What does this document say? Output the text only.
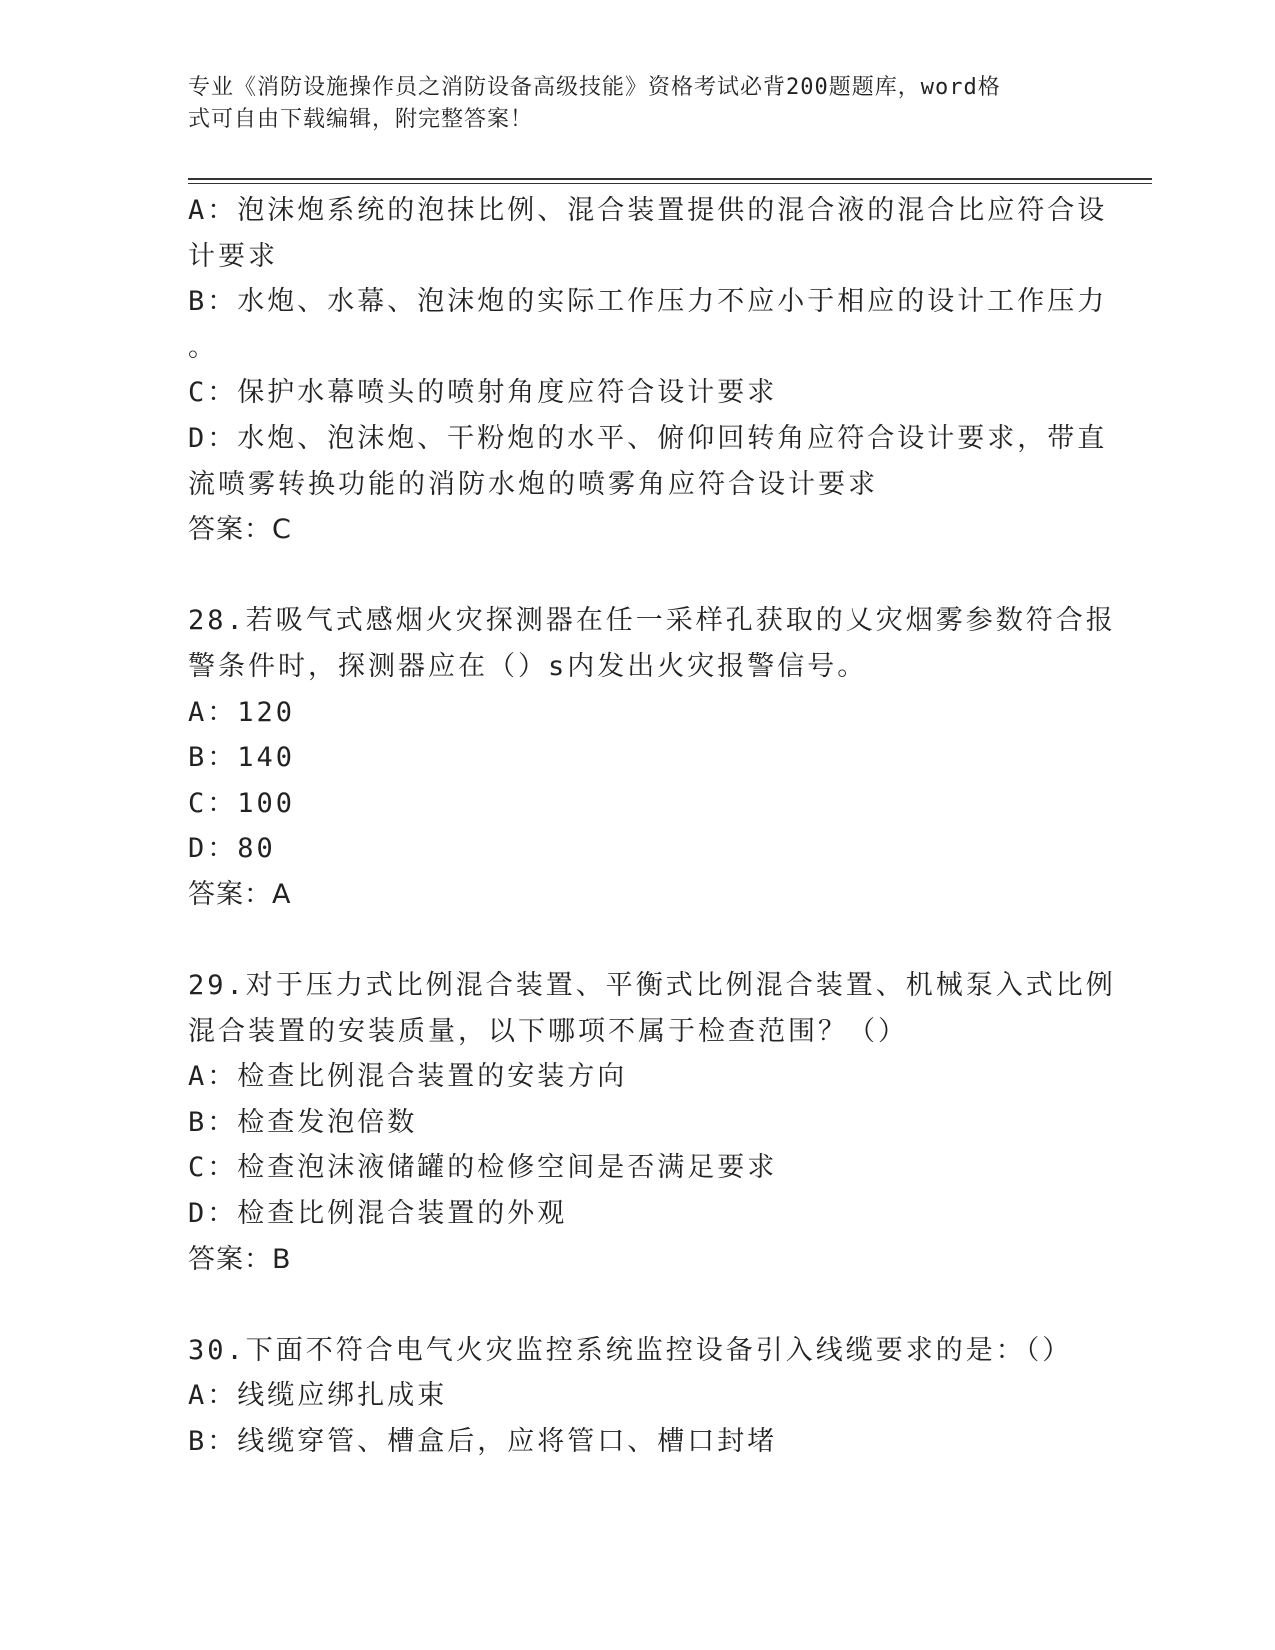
专业《消防设施操作员之消防设备高级技能》资格考试必背200题题库，word格
式可自由下载编辑，附完整答案！
A：泡沫炮系统的泡抹比例、混合装置提供的混合液的混合比应符合设
计要求
B：水炮、水幕、泡沫炮的实际工作压力不应小于相应的设计工作压力
。
C：保护水幕喷头的喷射角度应符合设计要求
D：水炮、泡沫炮、干粉炮的水平、俯仰回转角应符合设计要求，带直
流喷雾转换功能的消防水炮的喷雾角应符合设计要求
答案：C
28.若吸气式感烟火灾探测器在任一采样孔获取的乂灾烟雾参数符合报
警条件时，探测器应在（）s内发出火灾报警信号。
A：120
B：140
C：100
D：80
答案：A
29.对于压力式比例混合装置、平衡式比例混合装置、机械泵入式比例
混合装置的安装质量，以下哪项不属于检查范围？（）
A：检查比例混合装置的安装方向
B：检查发泡倍数
C：检查泡沫液储罐的检修空间是否满足要求
D：检查比例混合装置的外观
答案：B
30.下面不符合电气火灾监控系统监控设备引入线缆要求的是：（）
A：线缆应绑扎成束
B：线缆穿管、槽盒后，应将管口、槽口封堵
